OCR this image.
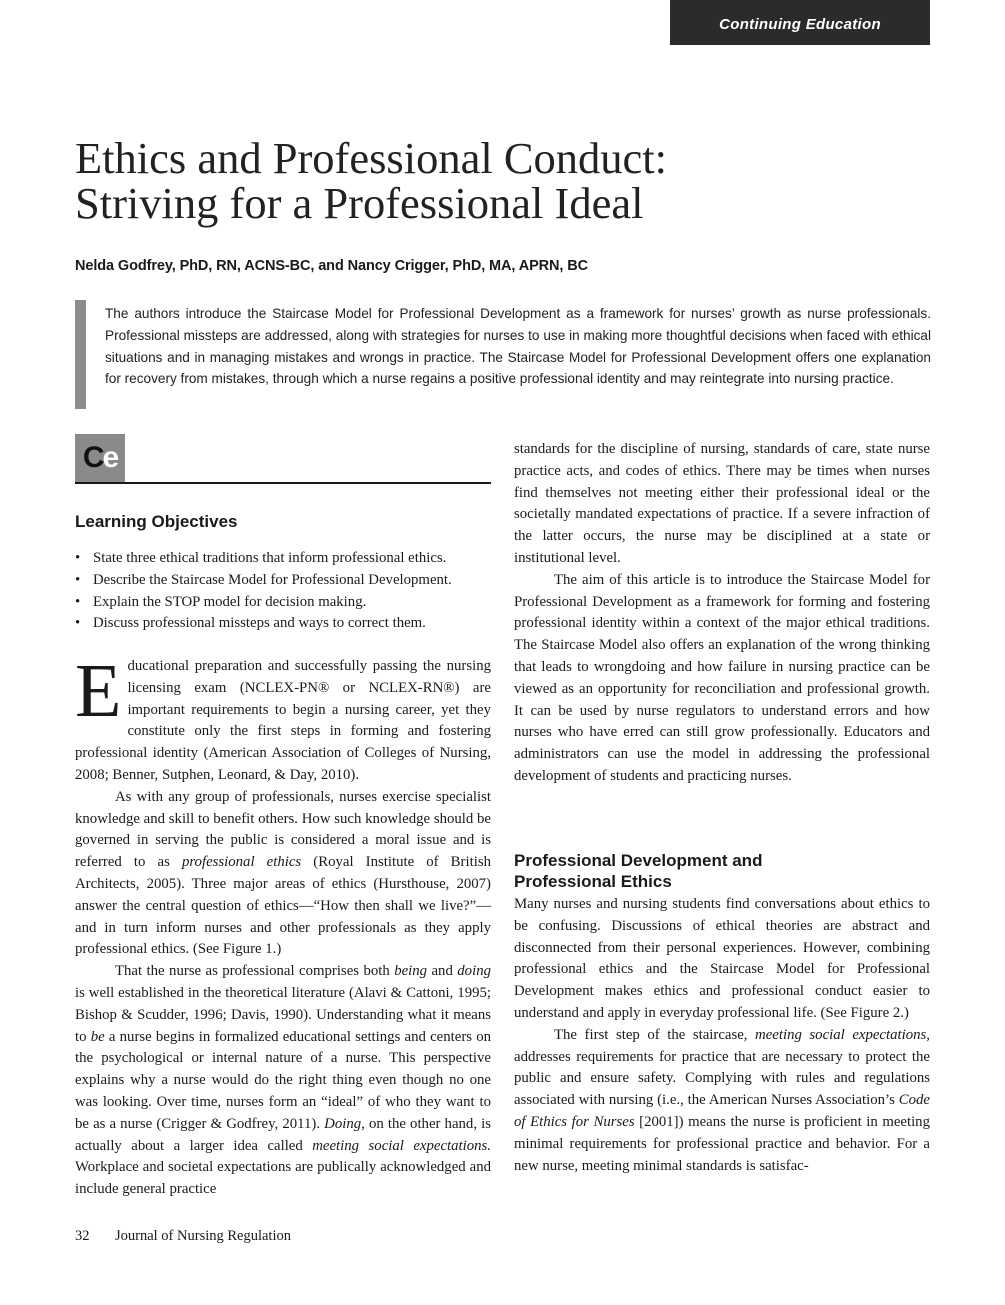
Continuing Education
Ethics and Professional Conduct:
Striving for a Professional Ideal

Nelda Godfrey, PhD, RN, ACNS-BC, and Nancy Crigger, PhD, MA, APRN, BC

The authors introduce the Staircase Model for Professional Development as a framework for nurses’ growth as nurse professionals. Professional missteps are addressed, along with strategies for nurses to use in making more thoughtful decisions when faced with ethical situations and in managing mistakes and wrongs in practice. The Staircase Model for Professional Development offers one explanation for recovery from mistakes, through which a nurse regains a positive professional identity and may reintegrate into nursing practice.

C e
Learning Objectives
• State three ethical traditions that inform professional ethics.
• Describe the Staircase Model for Professional Development.
• Explain the STOP model for decision making.
• Discuss professional missteps and ways to correct them.

Educational preparation and successfully passing the nursing licensing exam (NCLEX-PN® or NCLEX-RN®) are important requirements to begin a nursing career, yet they constitute only the first steps in forming and fostering professional identity (American Association of Colleges of Nursing, 2008; Benner, Sutphen, Leonard, & Day, 2010).

As with any group of professionals, nurses exercise specialist knowledge and skill to benefit others. How such knowledge should be governed in serving the public is considered a moral issue and is referred to as professional ethics (Royal Institute of British Architects, 2005). Three major areas of ethics (Hursthouse, 2007) answer the central question of ethics—“How then shall we live?”—and in turn inform nurses and other professionals as they apply professional ethics. (See Figure 1.)

That the nurse as professional comprises both being and doing is well established in the theoretical literature (Alavi & Cattoni, 1995; Bishop & Scudder, 1996; Davis, 1990). Understanding what it means to be a nurse begins in formalized educational settings and centers on the psychological or internal nature of a nurse. This perspective explains why a nurse would do the right thing even though no one was looking. Over time, nurses form an “ideal” of who they want to be as a nurse (Crigger & Godfrey, 2011). Doing, on the other hand, is actually about a larger idea called meeting social expectations. Workplace and societal expectations are publically acknowledged and include general practice

standards for the discipline of nursing, standards of care, state nurse practice acts, and codes of ethics. There may be times when nurses find themselves not meeting either their professional ideal or the societally mandated expectations of practice. If a severe infraction of the latter occurs, the nurse may be disciplined at a state or institutional level.

The aim of this article is to introduce the Staircase Model for Professional Development as a framework for forming and fostering professional identity within a context of the major ethical traditions. The Staircase Model also offers an explanation of the wrong thinking that leads to wrongdoing and how failure in nursing practice can be viewed as an opportunity for reconciliation and professional growth. It can be used by nurse regulators to understand errors and how nurses who have erred can still grow professionally. Educators and administrators can use the model in addressing the professional development of students and practicing nurses.

Professional Development and
Professional Ethics

Many nurses and nursing students find conversations about ethics to be confusing. Discussions of ethical theories are abstract and disconnected from their personal experiences. However, combining professional ethics and the Staircase Model for Professional Development makes ethics and professional conduct easier to understand and apply in everyday professional life. (See Figure 2.)

The first step of the staircase, meeting social expectations, addresses requirements for practice that are necessary to protect the public and ensure safety. Complying with rules and regulations associated with nursing (i.e., the American Nurses Association’s Code of Ethics for Nurses [2001]) means the nurse is proficient in meeting minimal requirements for professional practice and behavior. For a new nurse, meeting minimal standards is satisfac-

32 Journal of Nursing Regulation
